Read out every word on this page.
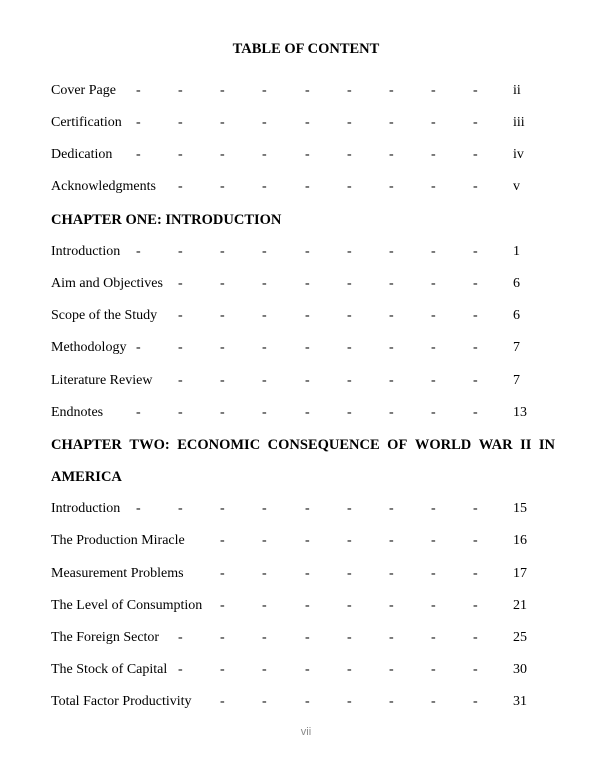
TABLE OF CONTENT
Cover Page -	-	-	-	-	-	-	-	-	ii
Certification -	-	-	-	-	-	-	-	-	iii
Dedication -	-	-	-	-	-	-	-	-	iv
Acknowledgments -	-	-	-	-	-	-	-	v
CHAPTER ONE: INTRODUCTION
Introduction -	-	-	-	-	-	-	-	-	1
Aim and Objectives -	-	-	-	-	-	-	-	6
Scope of the Study -	-	-	-	-	-	-	-	6
Methodology -	-	-	-	-	-	-	-	-	7
Literature Review -	-	-	-	-	-	-	-	7
Endnotes -	-	-	-	-	-	-	-	-	13
CHAPTER TWO: ECONOMIC CONSEQUENCE OF WORLD WAR II IN
AMERICA
Introduction -	-	-	-	-	-	-	-	-	15
The Production Miracle	-	-	-	-	-	-	-	16
Measurement Problems	-	-	-	-	-	-	-	17
The Level of Consumption -	-	-	-	-	-	-	21
The Foreign Sector -	-	-	-	-	-	-	-	25
The Stock of Capital -	-	-	-	-	-	-	-	30
Total Factor Productivity -	-	-	-	-	-	-	31
vii
